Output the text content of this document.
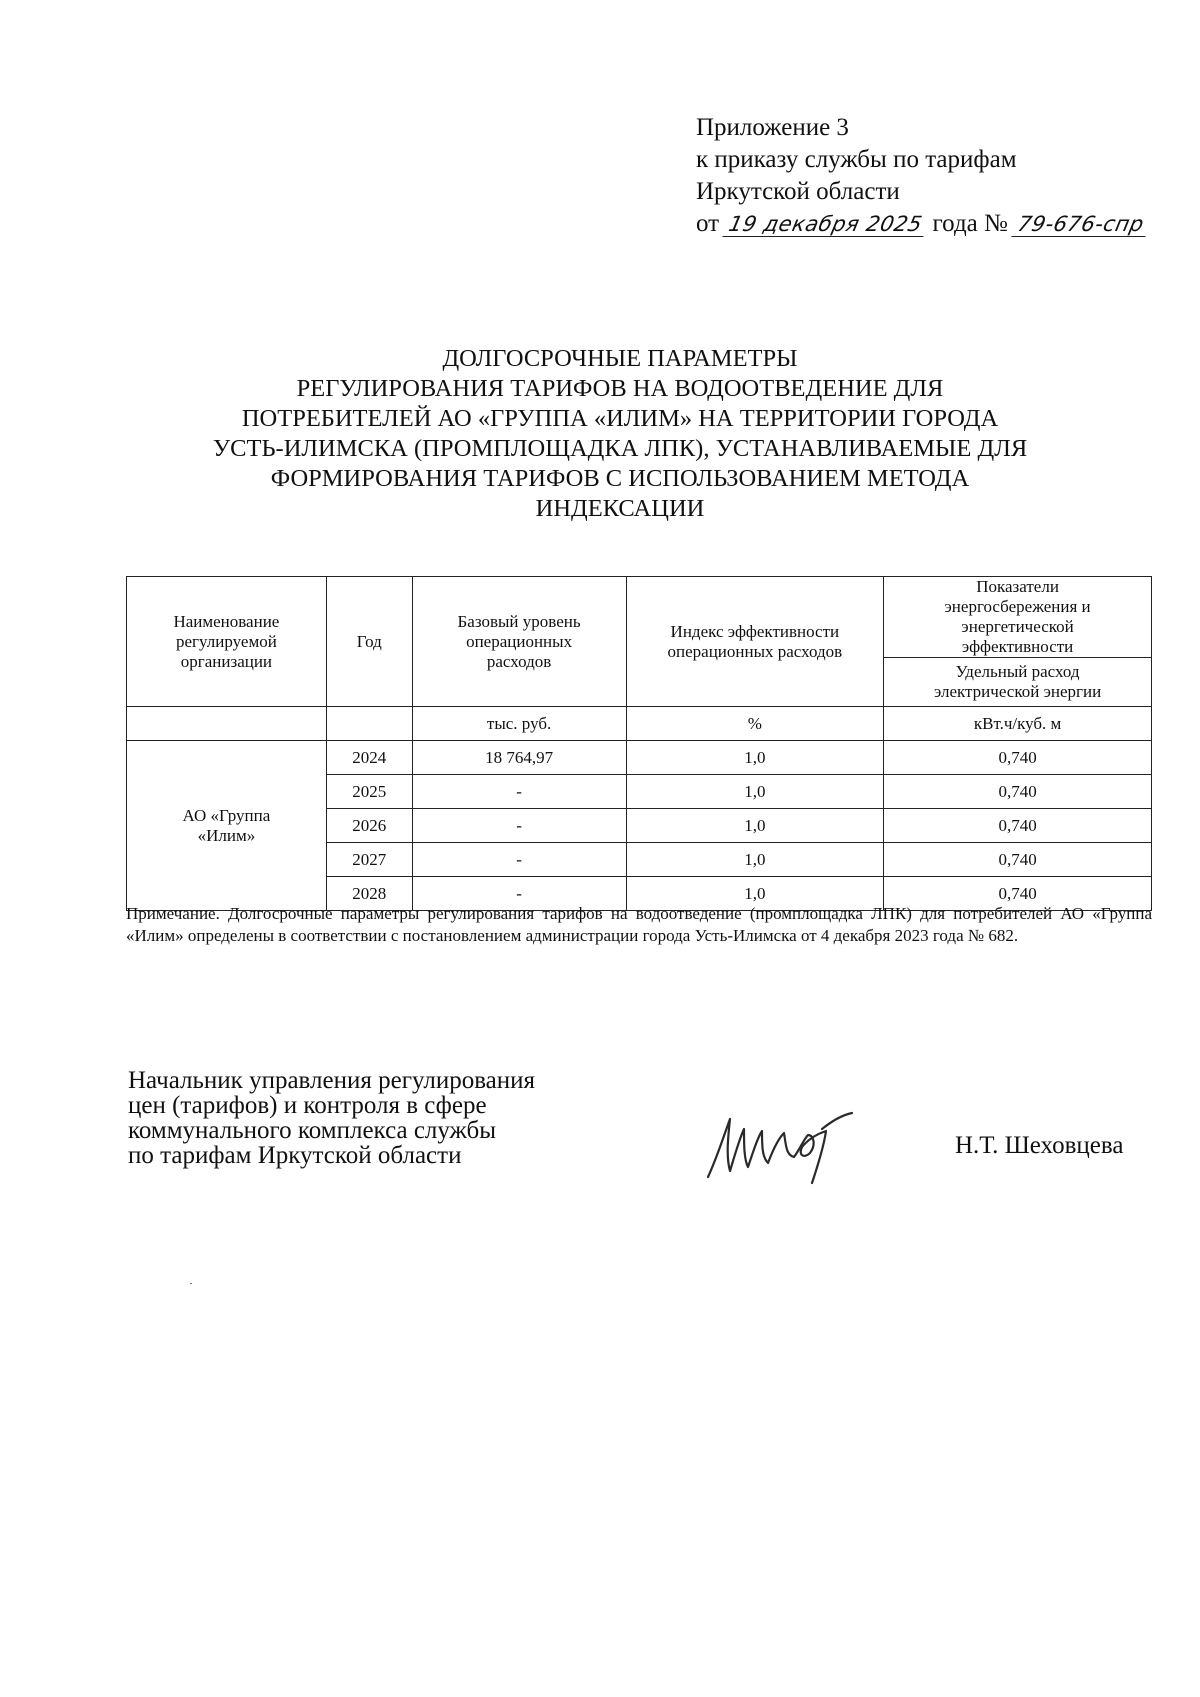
Приложение 3
к приказу службы по тарифам
Иркутской области
от 19 декабря 2025 года № 79-676-спр
ДОЛГОСРОЧНЫЕ ПАРАМЕТРЫ
РЕГУЛИРОВАНИЯ ТАРИФОВ НА ВОДООТВЕДЕНИЕ ДЛЯ
ПОТРЕБИТЕЛЕЙ АО «ГРУППА «ИЛИМ» НА ТЕРРИТОРИИ ГОРОДА
УСТЬ-ИЛИМСКА (ПРОМПЛОЩАДКА ЛПК), УСТАНАВЛИВАЕМЫЕ ДЛЯ
ФОРМИРОВАНИЯ ТАРИФОВ С ИСПОЛЬЗОВАНИЕМ МЕТОДА
ИНДЕКСАЦИИ
Наименование регулируемой организации	Год	Базовый уровень операционных расходов	Индекс эффективности операционных расходов	Показатели энергосбережения и энергетической эффективности
				Удельный расход электрической энергии
		тыс. руб.	%	кВт.ч/куб. м
АО «Группа «Илим»	2024	18 764,97	1,0	0,740
	2025	-	1,0	0,740
	2026	-	1,0	0,740
	2027	-	1,0	0,740
	2028	-	1,0	0,740
Примечание. Долгосрочные параметры регулирования тарифов на водоотведение (промплощадка ЛПК) для потребителей АО «Группа «Илим» определены в соответствии с постановлением администрации города Усть-Илимска от 4 декабря 2023 года № 682.
Начальник управления регулирования
цен (тарифов) и контроля в сфере
коммунального комплекса службы
по тарифам Иркутской области	Н.Т. Шеховцева
